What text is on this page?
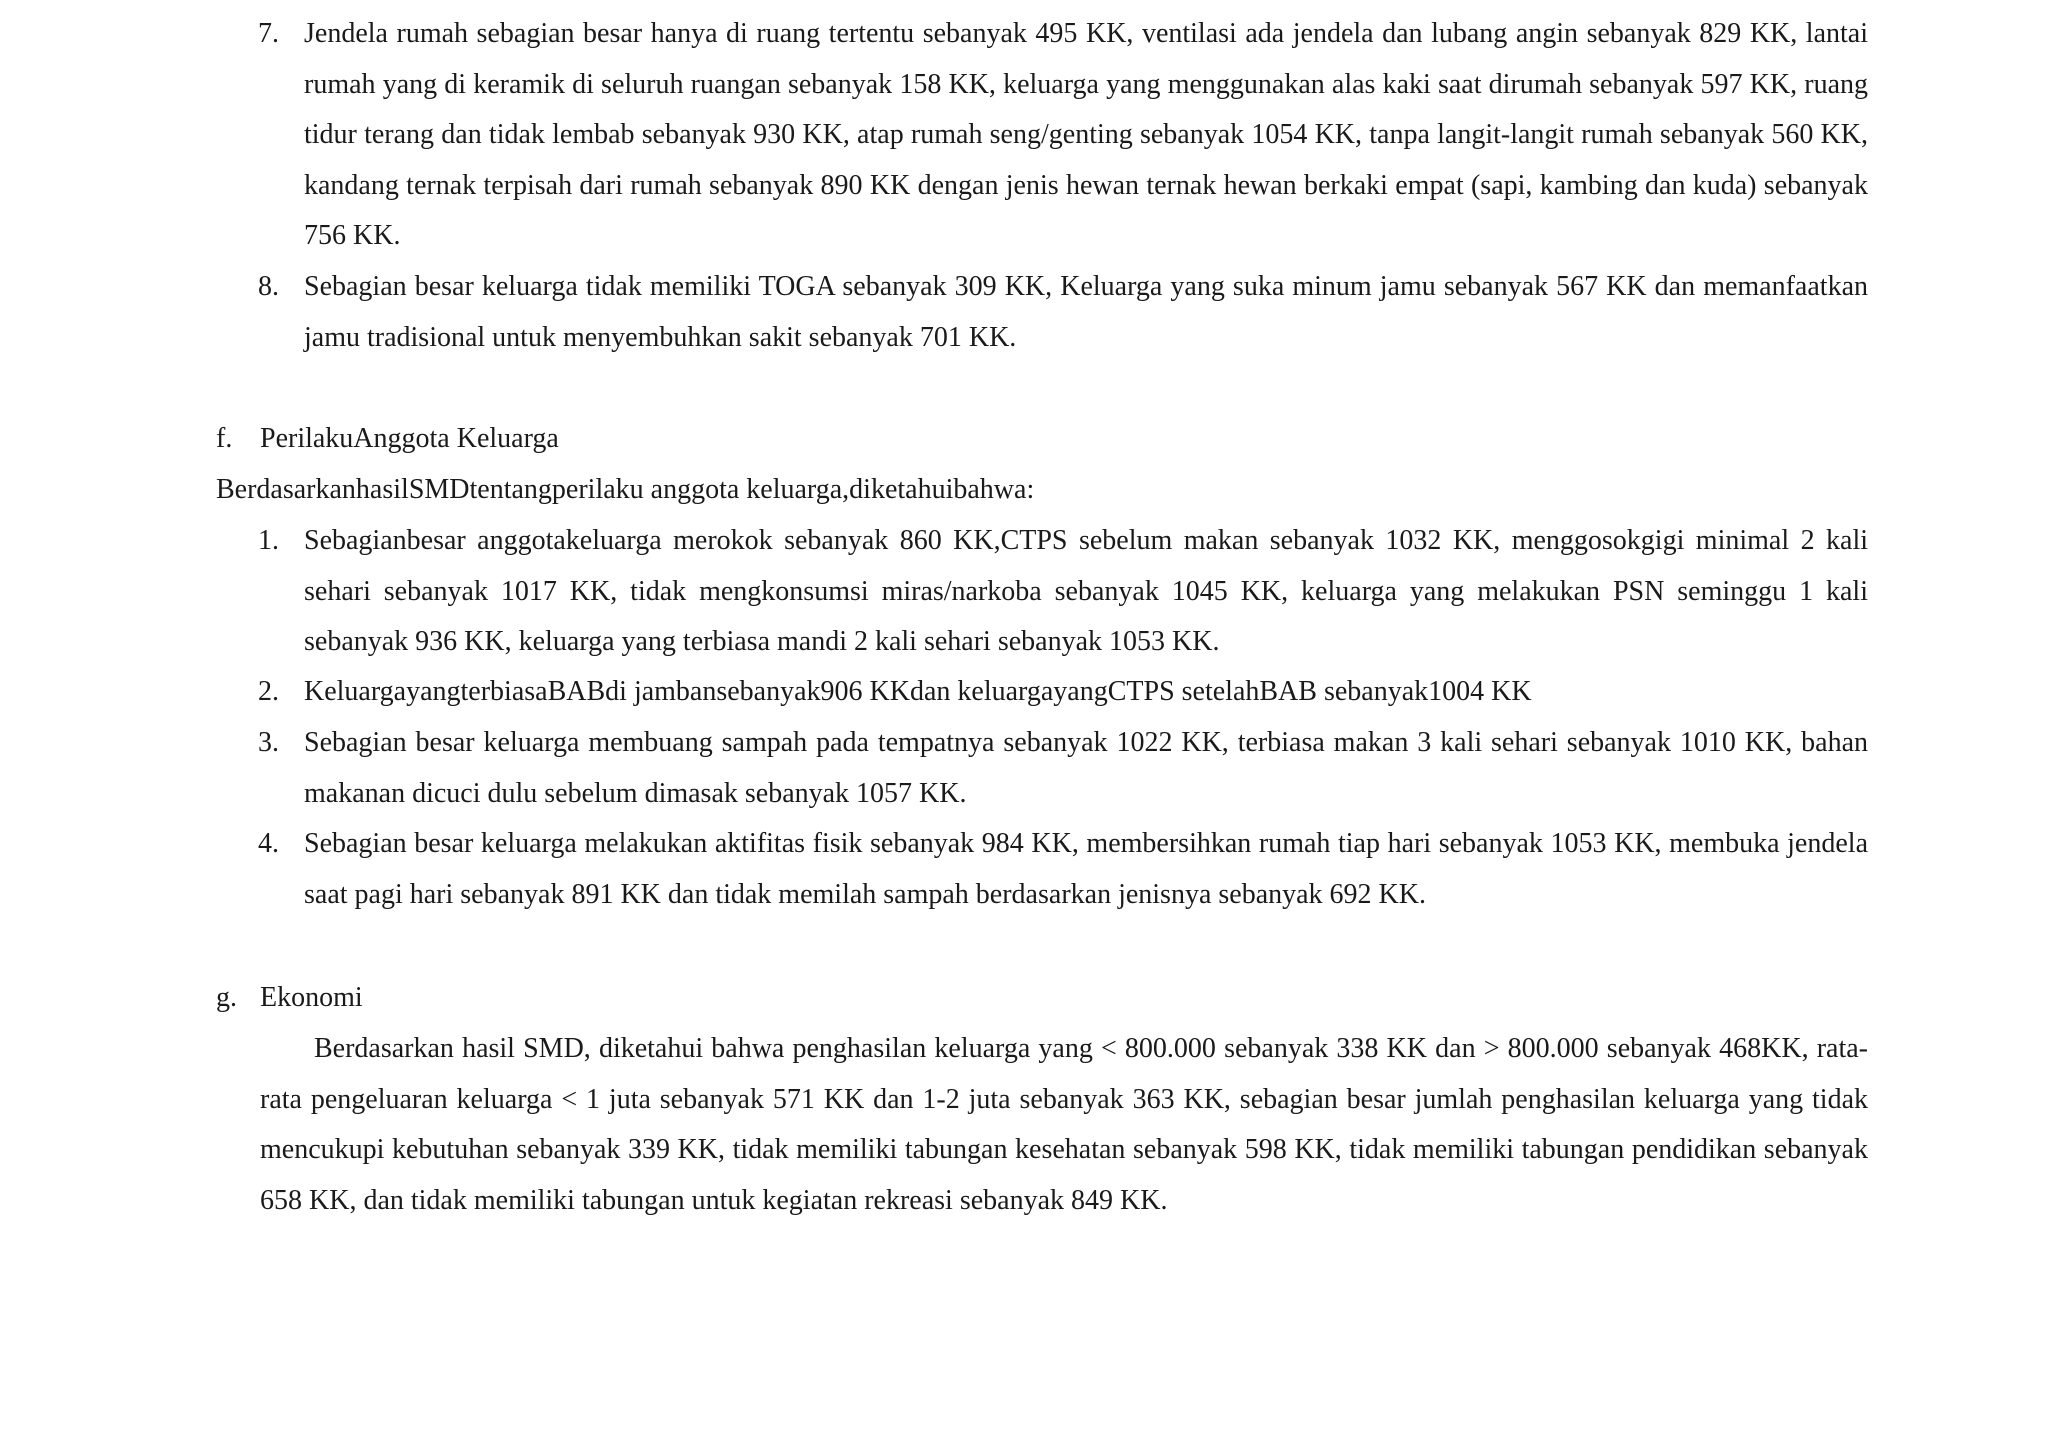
7. Jendela rumah sebagian besar hanya di ruang tertentu sebanyak 495 KK, ventilasi ada jendela dan lubang angin sebanyak 829 KK, lantai rumah yang di keramik di seluruh ruangan sebanyak 158 KK, keluarga yang menggunakan alas kaki saat dirumah sebanyak 597 KK, ruang tidur terang dan tidak lembab sebanyak 930 KK, atap rumah seng/genting sebanyak 1054 KK, tanpa langit-langit rumah sebanyak 560 KK, kandang ternak terpisah dari rumah sebanyak 890 KK dengan jenis hewan ternak hewan berkaki empat (sapi, kambing dan kuda) sebanyak 756 KK.
8. Sebagian besar keluarga tidak memiliki TOGA sebanyak 309 KK, Keluarga yang suka minum jamu sebanyak 567 KK dan memanfaatkan jamu tradisional untuk menyembuhkan sakit sebanyak 701 KK.
f. PerilakuAnggota Keluarga
BerdasarkanhasilSMDtentangperilaku anggota keluarga,diketahuibahwa:
1. Sebagianbesar anggotakeluarga merokok sebanyak 860 KK,CTPS sebelum makan sebanyak 1032 KK, menggosokgigi minimal 2 kali sehari sebanyak 1017 KK, tidak mengkonsumsi miras/narkoba sebanyak 1045 KK, keluarga yang melakukan PSN seminggu 1 kali sebanyak 936 KK, keluarga yang terbiasa mandi 2 kali sehari sebanyak 1053 KK.
2. KeluargayangterbiasaBABdi jambansebanyak906 KKdan keluargayangCTPS setelahBAB sebanyak1004 KK
3. Sebagian besar keluarga membuang sampah pada tempatnya sebanyak 1022 KK, terbiasa makan 3 kali sehari sebanyak 1010 KK, bahan makanan dicuci dulu sebelum dimasak sebanyak 1057 KK.
4. Sebagian besar keluarga melakukan aktifitas fisik sebanyak 984 KK, membersihkan rumah tiap hari sebanyak 1053 KK, membuka jendela saat pagi hari sebanyak 891 KK dan tidak memilah sampah berdasarkan jenisnya sebanyak 692 KK.
g. Ekonomi
Berdasarkan hasil SMD, diketahui bahwa penghasilan keluarga yang < 800.000 sebanyak 338 KK dan > 800.000 sebanyak 468KK, rata-rata pengeluaran keluarga < 1 juta sebanyak 571 KK dan 1-2 juta sebanyak 363 KK, sebagian besar jumlah penghasilan keluarga yang tidak mencukupi kebutuhan sebanyak 339 KK, tidak memiliki tabungan kesehatan sebanyak 598 KK, tidak memiliki tabungan pendidikan sebanyak 658 KK, dan tidak memiliki tabungan untuk kegiatan rekreasi sebanyak 849 KK.
